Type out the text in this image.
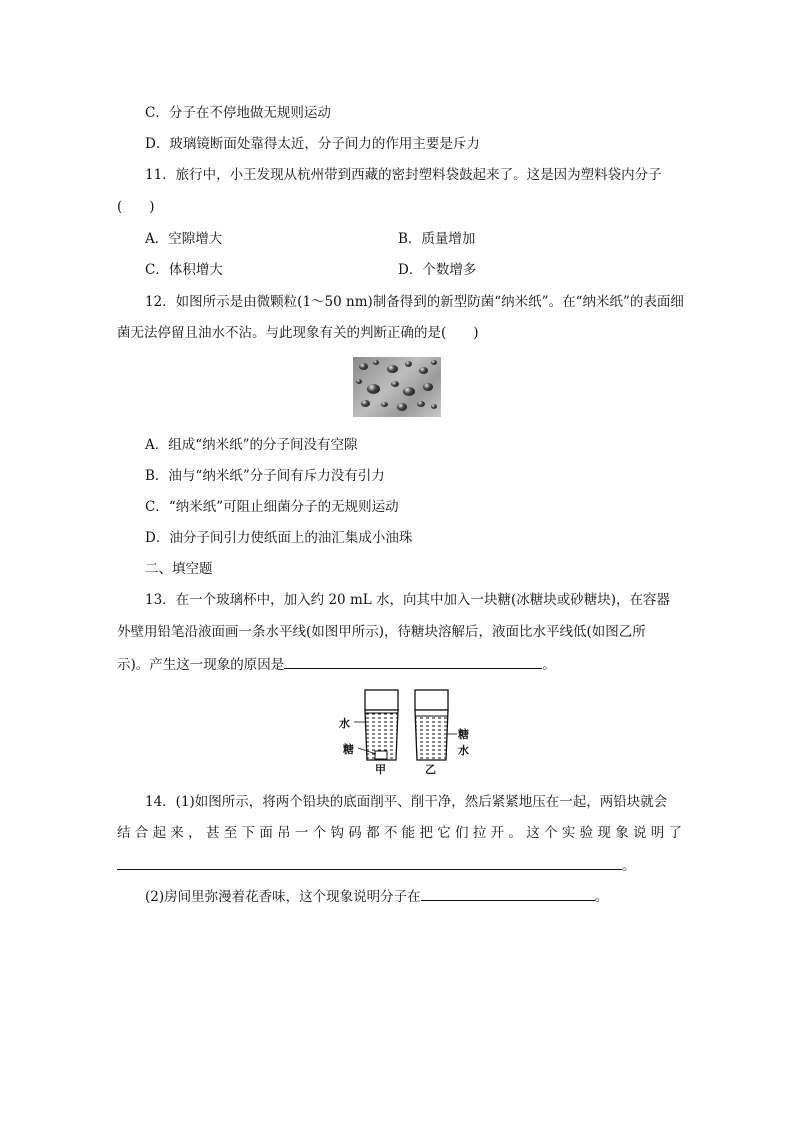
C．分子在不停地做无规则运动
D．玻璃镜断面处靠得太近，分子间力的作用主要是斥力
11．旅行中，小王发现从杭州带到西藏的密封塑料袋鼓起来了。这是因为塑料袋内分子
(　　)
A．空隙增大	B．质量增加
C．体积增大	D．个数增多
12．如图所示是由微颗粒(1～50 nm)制备得到的新型防菌“纳米纸”。在“纳米纸”的表面细
菌无法停留且油水不沾。与此现象有关的判断正确的是(　　)
A．组成“纳米纸”的分子间没有空隙
B．油与“纳米纸”分子间有斥力没有引力
C．“纳米纸”可阻止细菌分子的无规则运动
D．油分子间引力使纸面上的油汇集成小油珠
二、填空题
13．在一个玻璃杯中，加入约 20 mL 水，向其中加入一块糖(冰糖块或砂糖块)，在容器
外壁用铅笔沿液面画一条水平线(如图甲所示)，待糖块溶解后，液面比水平线低(如图乙所
示)。产生这一现象的原因是	。
水
糖
糖水
甲	乙
14．(1)如图所示，将两个铅块的底面削平、削干净，然后紧紧地压在一起，两铅块就会
结 合 起 来 ， 甚 至 下 面 吊 一 个 钩 码 都 不 能 把 它 们 拉 开 。 这 个 实 验 现 象 说 明 了
。
(2)房间里弥漫着花香味，这个现象说明分子在	。
